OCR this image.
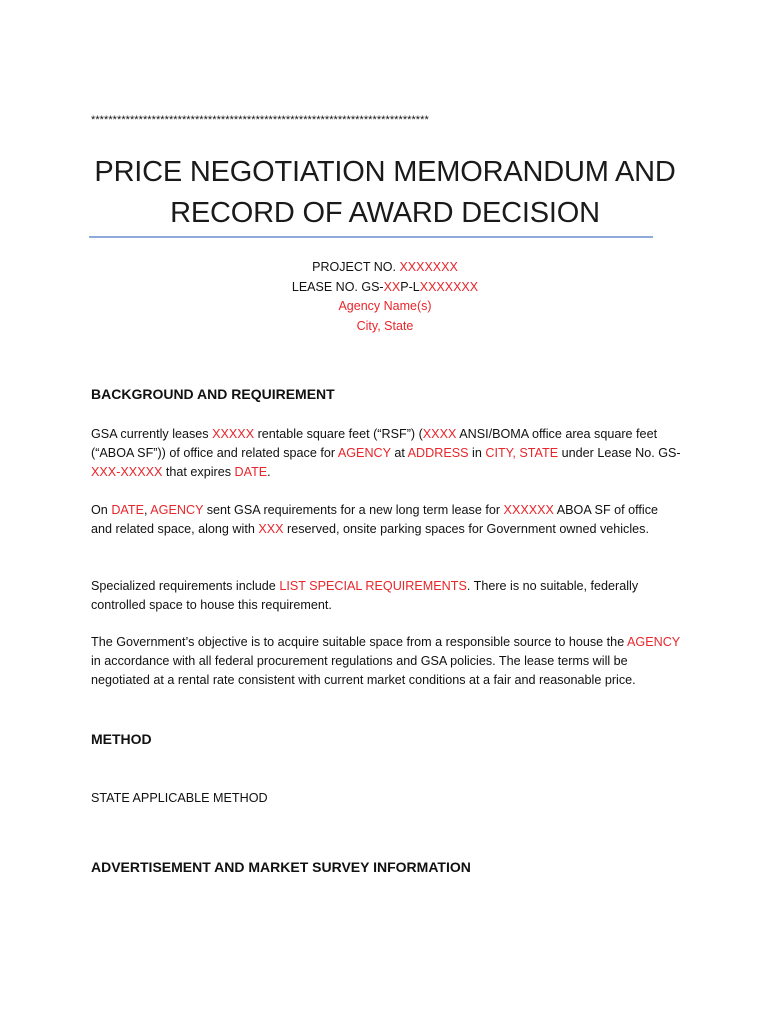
******************************************************************************
PRICE NEGOTIATION MEMORANDUM AND
RECORD OF AWARD DECISION
PROJECT NO. XXXXXXX
LEASE NO. GS-XXP-LXXXXXXX
Agency Name(s)
City, State
BACKGROUND AND REQUIREMENT

GSA currently leases XXXXX rentable square feet (“RSF”) (XXXX ANSI/BOMA office area square feet (“ABOA SF”)) of office and related space for AGENCY at ADDRESS in CITY, STATE under Lease No. GS-XXX-XXXXX that expires DATE.

On DATE, AGENCY sent GSA requirements for a new long term lease for XXXXXX ABOA SF of office and related space, along with XXX reserved, onsite parking spaces for Government owned vehicles.

Specialized requirements include LIST SPECIAL REQUIREMENTS. There is no suitable, federally controlled space to house this requirement.

The Government’s objective is to acquire suitable space from a responsible source to house the AGENCY in accordance with all federal procurement regulations and GSA policies. The lease terms will be negotiated at a rental rate consistent with current market conditions at a fair and reasonable price.

METHOD
STATE APPLICABLE METHOD
ADVERTISEMENT AND MARKET SURVEY INFORMATION
